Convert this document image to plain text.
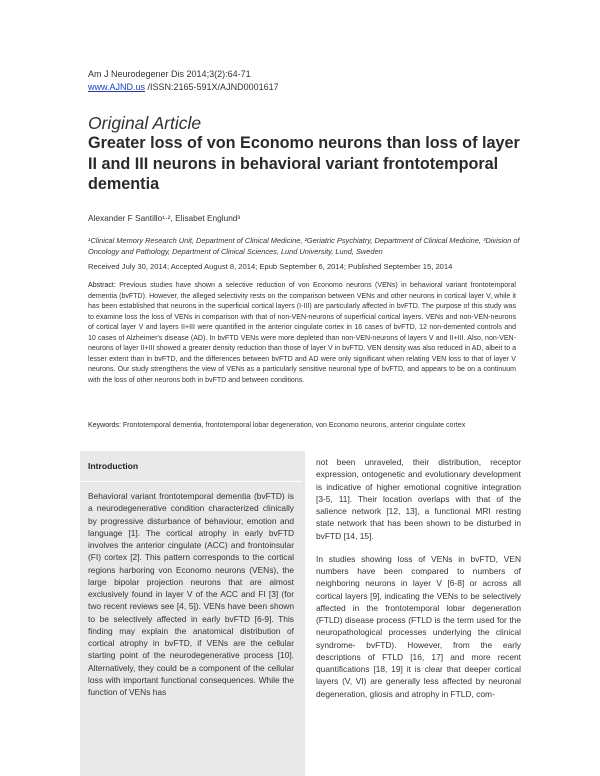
Am J Neurodegener Dis 2014;3(2):64-71
www.AJND.us /ISSN:2165-591X/AJND0001617
Original Article
Greater loss of von Economo neurons than loss of layer II and III neurons in behavioral variant frontotemporal dementia
Alexander F Santillo¹·², Elisabet Englund³
¹Clinical Memory Research Unit, Department of Clinical Medicine, ²Geriatric Psychiatry, Department of Clinical Medicine, ³Division of Oncology and Pathology, Department of Clinical Sciences, Lund University, Lund, Sweden
Received July 30, 2014; Accepted August 8, 2014; Epub September 6, 2014; Published September 15, 2014
Abstract: Previous studies have shown a selective reduction of von Economo neurons (VENs) in behavioral variant frontotemporal dementia (bvFTD). However, the alleged selectivity rests on the comparison between VENs and other neurons in cortical layer V, while it has been established that neurons in the superficial cortical layers (I-III) are particularly affected in bvFTD. The purpose of this study was to examine loss the loss of VENs in comparison with that of non-VEN-neurons of superficial cortical layers. VENs and non-VEN-neurons of cortical layer V and layers II+III were quantified in the anterior cingulate cortex in 16 cases of bvFTD, 12 non-demented controls and 10 cases of Alzheimer's disease (AD). In bvFTD VENs were more depleted than non-VEN-neurons of layers V and II+III. Also, non-VEN-neurons of layer II+III showed a greater density reduction than those of layer V in bvFTD. VEN density was also reduced in AD, albeit to a lesser extent than in bvFTD, and the differences between bvFTD and AD were only significant when relating VEN loss to that of layer V neurons. Our study strengthens the view of VENs as a particularly sensitive neuronal type of bvFTD, and appears to be on a continuum with the loss of other neurons both in bvFTD and between conditions.
Keywords: Frontotemporal dementia, frontotemporal lobar degeneration, von Economo neurons, anterior cingulate cortex
Introduction

Behavioral variant frontotemporal dementia (bvFTD) is a neurodegenerative condition characterized clinically by progressive disturbance of behaviour, emotion and language [1]. The cortical atrophy in early bvFTD involves the anterior cingulate (ACC) and frontoinsular (FI) cortex [2]. This pattern corresponds to the cortical regions harboring von Economo neurons (VENs), the large bipolar projection neurons that are almost exclusively found in layer V of the ACC and FI [3] (for two recent reviews see [4, 5]). VENs have been shown to be selectively affected in early bvFTD [6-9]. This finding may explain the anatomical distribution of cortical atrophy in bvFTD, if VENs are the cellular starting point of the neurodegenerative process [10]. Alternatively, they could be a component of the cellular loss with important functional consequences. While the function of VENs has

not been unraveled, their distribution, receptor expression, ontogenetic and evolutionary development is indicative of higher emotional cognitive integration [3-5, 11]. Their location overlaps with that of the salience network [12, 13], a functional MRI resting state network that has been shown to be disturbed in bvFTD [14, 15].

In studies showing loss of VENs in bvFTD, VEN numbers have been compared to numbers of neighboring neurons in layer V [6-8] or across all cortical layers [9], indicating the VENs to be selectively affected in the frontotemporal lobar degeneration (FTLD) disease process (FTLD is the term used for the neuropathological processes underlying the clinical syndrome- bvFTD). However, from the early descriptions of FTLD [16, 17] and more recent quantifications [18, 19] it is clear that deeper cortical layers (V, VI) are generally less affected by neuronal degeneration, gliosis and atrophy in FTLD, com-
